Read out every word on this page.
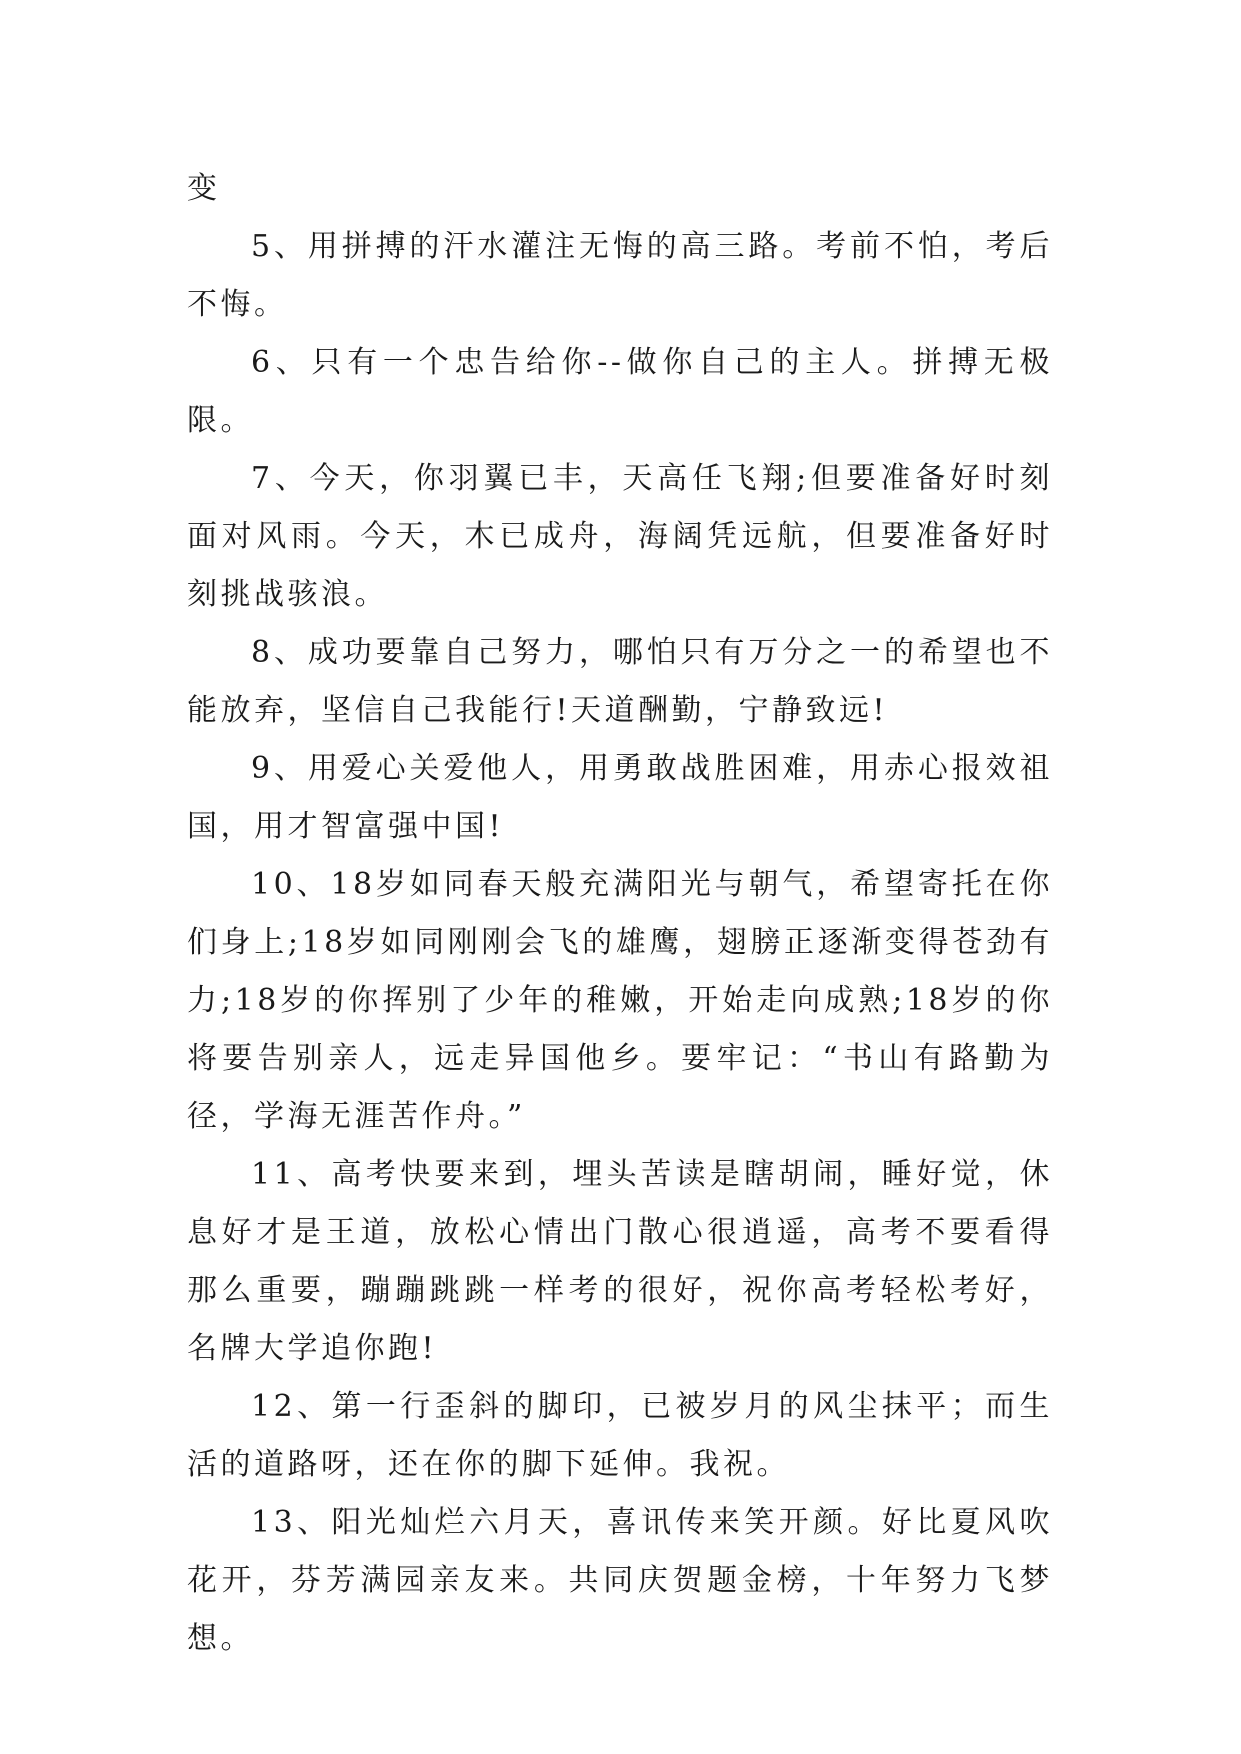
变

5、用拼搏的汗水灌注无悔的高三路。考前不怕，考后不悔。

6、只有一个忠告给你--做你自己的主人。拼搏无极限。

7、今天，你羽翼已丰，天高任飞翔;但要准备好时刻面对风雨。今天，木已成舟，海阔凭远航，但要准备好时刻挑战骇浪。

8、成功要靠自己努力，哪怕只有万分之一的希望也不能放弃，坚信自己我能行!天道酬勤，宁静致远!

9、用爱心关爱他人，用勇敢战胜困难，用赤心报效祖国，用才智富强中国!

10、18岁如同春天般充满阳光与朝气，希望寄托在你们身上;18岁如同刚刚会飞的雄鹰，翅膀正逐渐变得苍劲有力;18岁的你挥别了少年的稚嫩，开始走向成熟;18岁的你将要告别亲人，远走异国他乡。要牢记：“书山有路勤为径，学海无涯苦作舟。”

11、高考快要来到，埋头苦读是瞎胡闹，睡好觉，休息好才是王道，放松心情出门散心很逍遥，高考不要看得那么重要，蹦蹦跳跳一样考的很好，祝你高考轻松考好，名牌大学追你跑!

12、第一行歪斜的脚印，已被岁月的风尘抹平；而生活的道路呀，还在你的脚下延伸。我祝。

13、阳光灿烂六月天，喜讯传来笑开颜。好比夏风吹花开，芬芳满园亲友来。共同庆贺题金榜，十年努力飞梦想。
